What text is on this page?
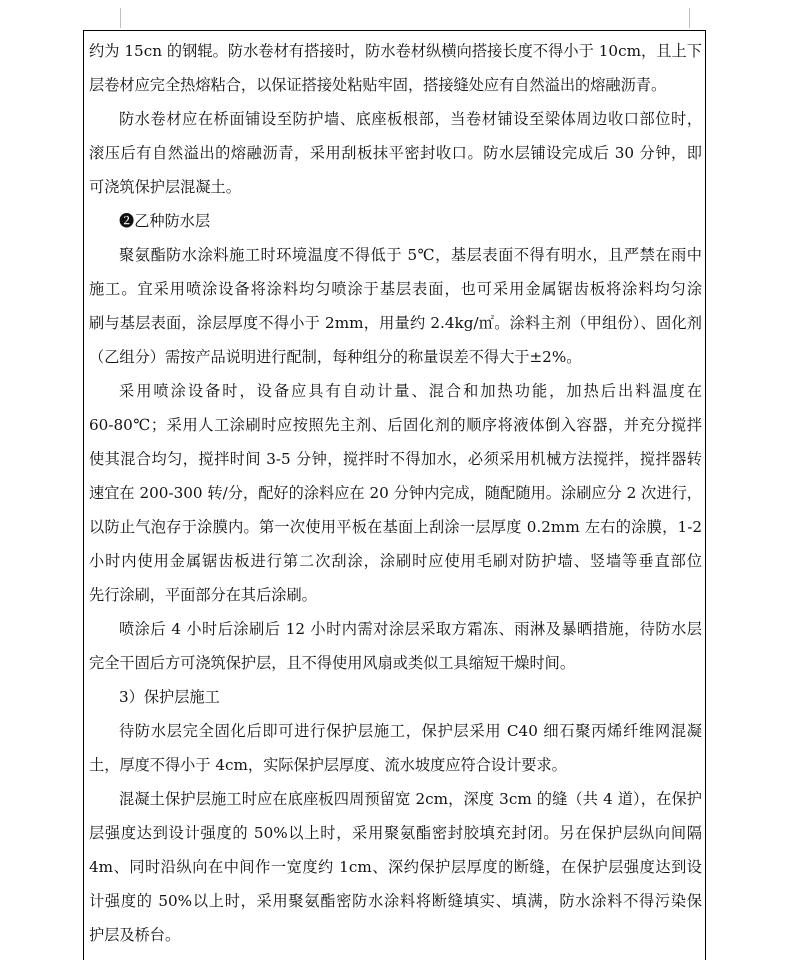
约为 15cn 的钢辊。防水卷材有搭接时，防水卷材纵横向搭接长度不得小于 10cm，且上下
层卷材应完全热熔粘合，以保证搭接处粘贴牢固，搭接缝处应有自然溢出的熔融沥青。
防水卷材应在桥面铺设至防护墙、底座板根部，当卷材铺设至梁体周边收口部位时，
滚压后有自然溢出的熔融沥青，采用刮板抹平密封收口。防水层铺设完成后 30 分钟，即
可浇筑保护层混凝土。
❷乙种防水层
聚氨酯防水涂料施工时环境温度不得低于 5℃，基层表面不得有明水，且严禁在雨中
施工。宜采用喷涂设备将涂料均匀喷涂于基层表面，也可采用金属锯齿板将涂料均匀涂
刷与基层表面，涂层厚度不得小于 2mm，用量约 2.4kg/㎡。涂料主剂（甲组份）、固化剂
（乙组分）需按产品说明进行配制，每种组分的称量误差不得大于±2%。
采用喷涂设备时，设备应具有自动计量、混合和加热功能，加热后出料温度在
60-80℃；采用人工涂刷时应按照先主剂、后固化剂的顺序将液体倒入容器，并充分搅拌
使其混合均匀，搅拌时间 3-5 分钟，搅拌时不得加水，必须采用机械方法搅拌，搅拌器转
速宜在 200-300 转/分，配好的涂料应在 20 分钟内完成，随配随用。涂刷应分 2 次进行，
以防止气泡存于涂膜内。第一次使用平板在基面上刮涂一层厚度 0.2mm 左右的涂膜，1-2
小时内使用金属锯齿板进行第二次刮涂，涂刷时应使用毛刷对防护墙、竖墙等垂直部位
先行涂刷，平面部分在其后涂刷。
喷涂后 4 小时后涂刷后 12 小时内需对涂层采取方霜冻、雨淋及暴晒措施，待防水层
完全干固后方可浇筑保护层，且不得使用风扇或类似工具缩短干燥时间。
3）保护层施工
待防水层完全固化后即可进行保护层施工，保护层采用 C40 细石聚丙烯纤维网混凝
土，厚度不得小于 4cm，实际保护层厚度、流水坡度应符合设计要求。
混凝土保护层施工时应在底座板四周预留宽 2cm，深度 3cm 的缝（共 4 道），在保护
层强度达到设计强度的 50%以上时，采用聚氨酯密封胶填充封闭。另在保护层纵向间隔
4m、同时沿纵向在中间作一宽度约 1cm、深约保护层厚度的断缝，在保护层强度达到设
计强度的 50%以上时，采用聚氨酯密防水涂料将断缝填实、填满，防水涂料不得污染保
护层及桥台。
